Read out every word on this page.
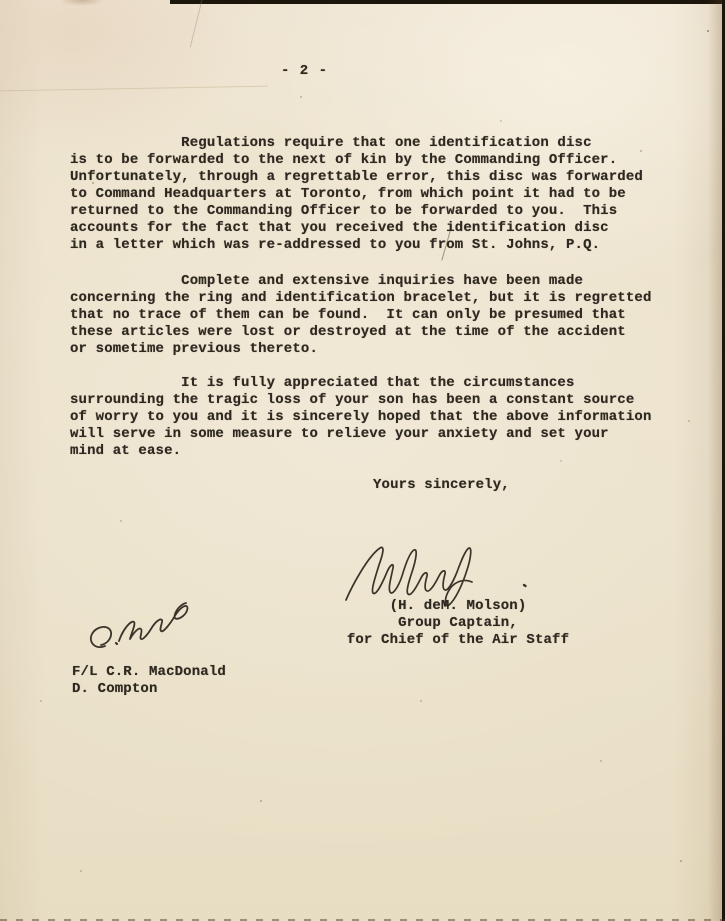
- 2 -
Regulations require that one identification disc
is to be forwarded to the next of kin by the Commanding Officer.
Unfortunately, through a regrettable error, this disc was forwarded
to Command Headquarters at Toronto, from which point it had to be
returned to the Commanding Officer to be forwarded to you.  This
accounts for the fact that you received the identification disc
in a letter which was re-addressed to you from St. Johns, P.Q.
Complete and extensive inquiries have been made
concerning the ring and identification bracelet, but it is regretted
that no trace of them can be found.  It can only be presumed that
these articles were lost or destroyed at the time of the accident
or sometime previous thereto.
It is fully appreciated that the circumstances
surrounding the tragic loss of your son has been a constant source
of worry to you and it is sincerely hoped that the above information
will serve in some measure to relieve your anxiety and set your
mind at ease.
Yours sincerely,
(H. deM. Molson)
Group Captain,
for Chief of the Air Staff
F/L C.R. MacDonald
D. Compton
